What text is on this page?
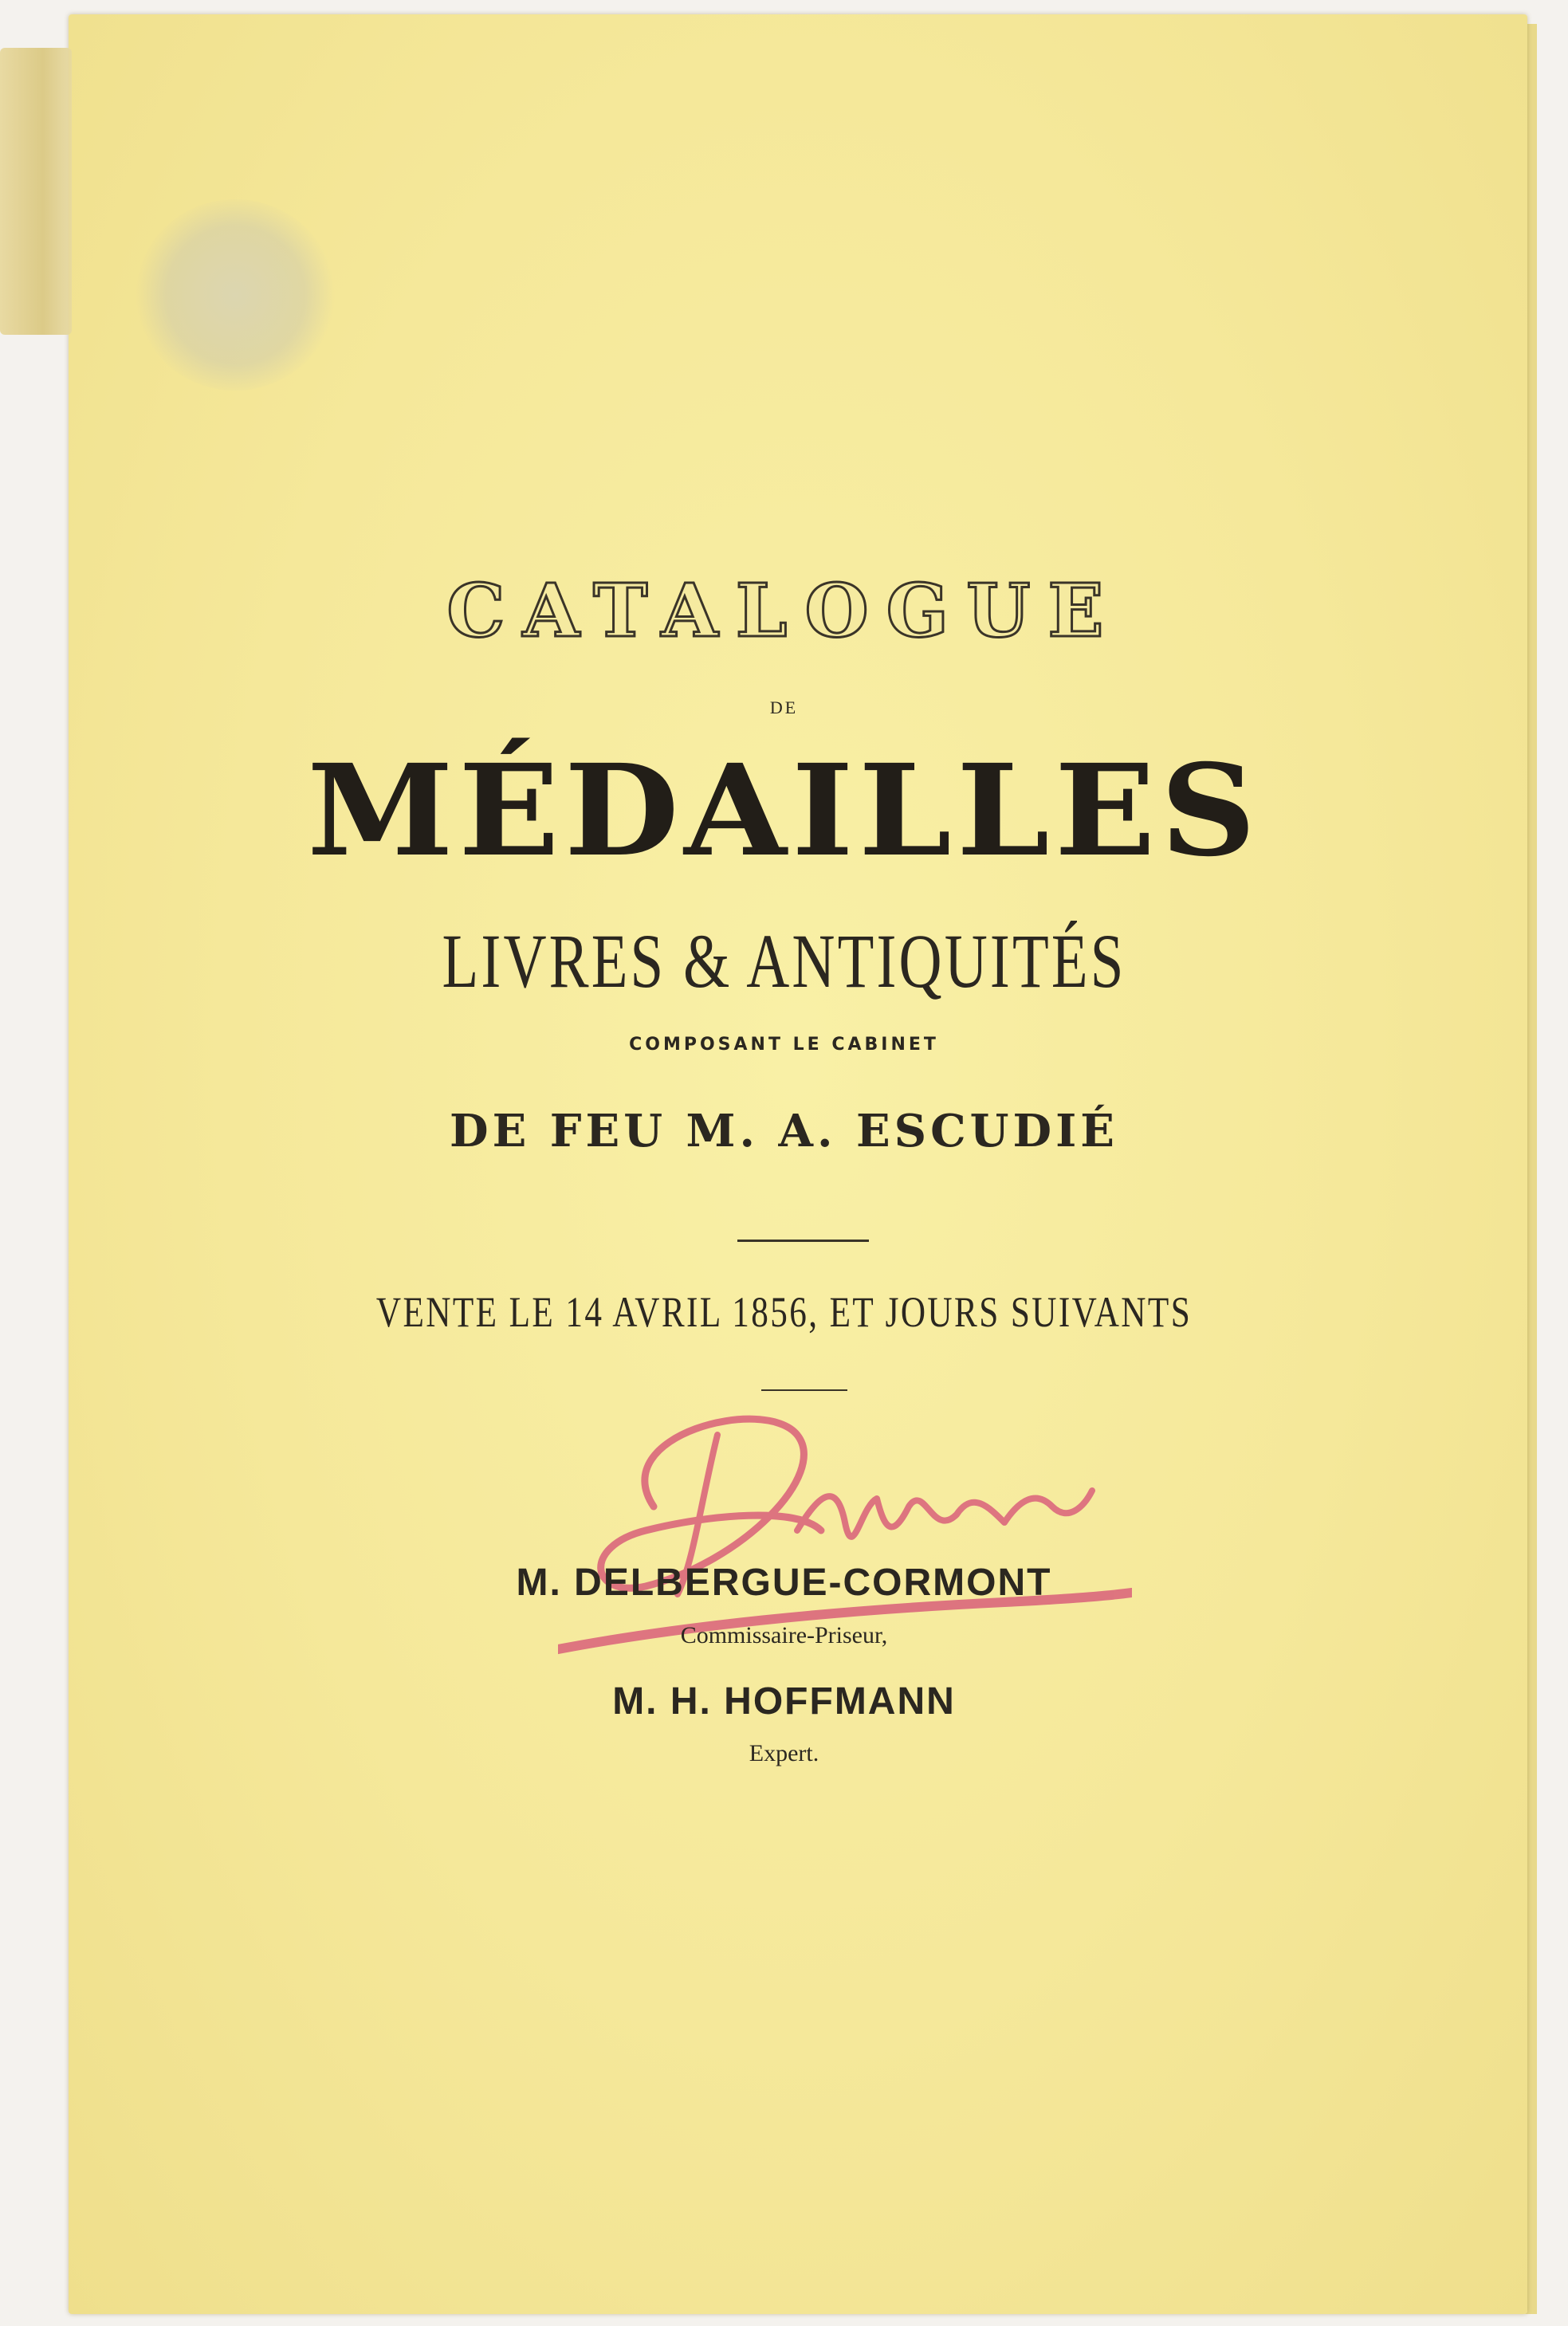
CATALOGUE
DE
MÉDAILLES
LIVRES & ANTIQUITÉS
COMPOSANT LE CABINET
DE FEU M. A. ESCUDIÉ
VENTE LE 14 AVRIL 1856, ET JOURS SUIVANTS
M. DELBERGUE-CORMONT
Commissaire-Priseur,
M. H. HOFFMANN
Expert.
